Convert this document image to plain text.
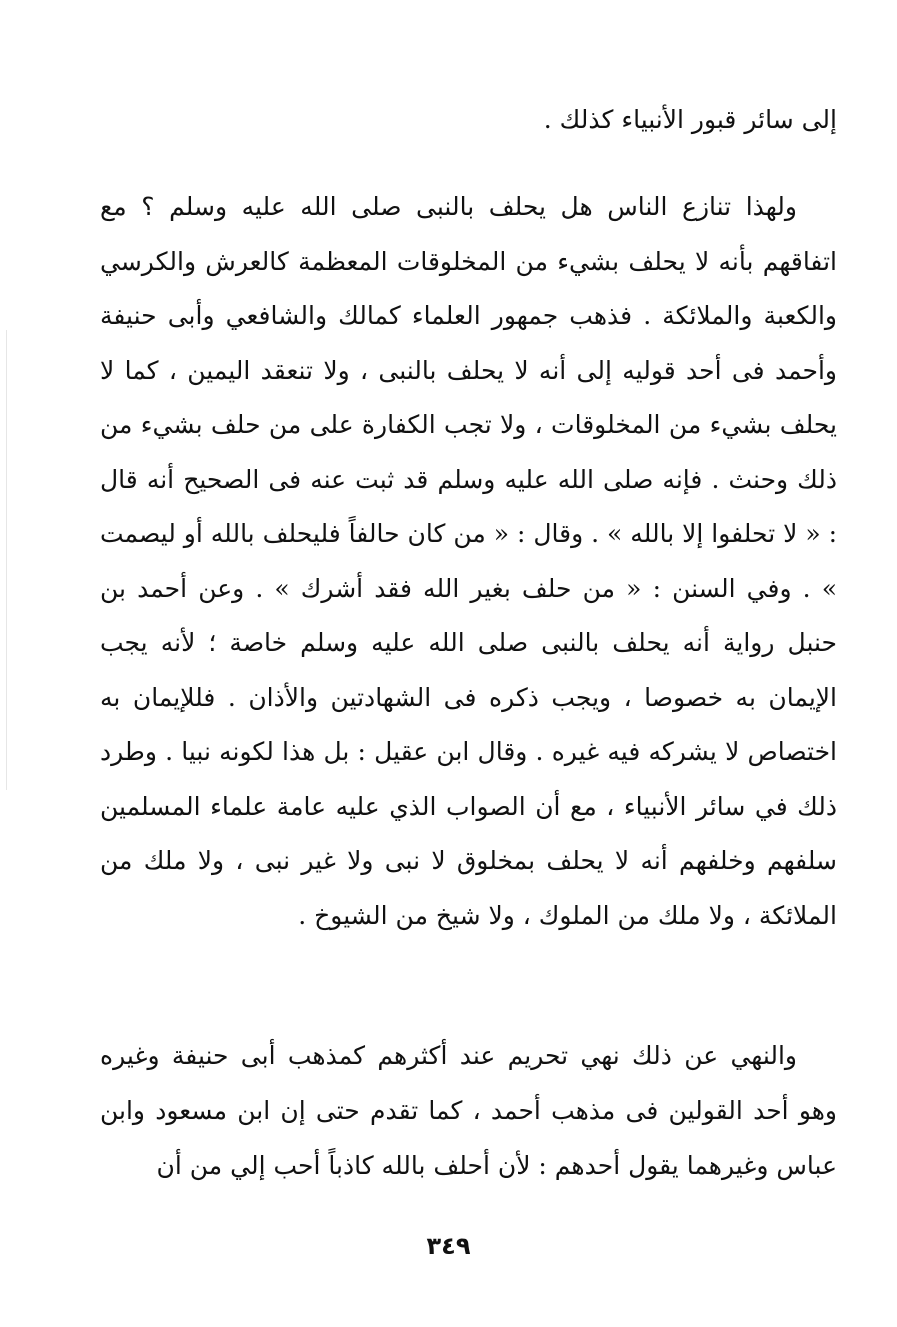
إلى سائر قبور الأنبياء كذلك .

ولهذا تنازع الناس هل يحلف بالنبى صلى الله عليه وسلم ؟ مع اتفاقهم بأنه لا يحلف بشيء من المخلوقات المعظمة كالعرش والكرسي والكعبة والملائكة . فذهب جمهور العلماء كمالك والشافعي وأبى حنيفة وأحمد فى أحد قوليه إلى أنه لا يحلف بالنبى ، ولا تنعقد اليمين ، كما لا يحلف بشيء من المخلوقات ، ولا تجب الكفارة على من حلف بشيء من ذلك وحنث . فإنه صلى الله عليه وسلم قد ثبت عنه فى الصحيح أنه قال : « لا تحلفوا إلا بالله » . وقال : « من كان حالفاً فليحلف بالله أو ليصمت » . وفي السنن : « من حلف بغير الله فقد أشرك » . وعن أحمد بن حنبل رواية أنه يحلف بالنبى صلى الله عليه وسلم خاصة ؛ لأنه يجب الإيمان به خصوصا ، ويجب ذكره فى الشهادتين والأذان . فللإيمان به اختصاص لا يشركه فيه غيره . وقال ابن عقيل : بل هذا لكونه نبيا . وطرد ذلك في سائر الأنبياء ، مع أن الصواب الذي عليه عامة علماء المسلمين سلفهم وخلفهم أنه لا يحلف بمخلوق لا نبى ولا غير نبى ، ولا ملك من الملائكة ، ولا ملك من الملوك ، ولا شيخ من الشيوخ .

والنهي عن ذلك نهي تحريم عند أكثرهم كمذهب أبى حنيفة وغيره وهو أحد القولين فى مذهب أحمد ، كما تقدم حتى إن ابن مسعود وابن عباس وغيرهما يقول أحدهم : لأن أحلف بالله كاذباً أحب إلي من أن

٣٤٩
